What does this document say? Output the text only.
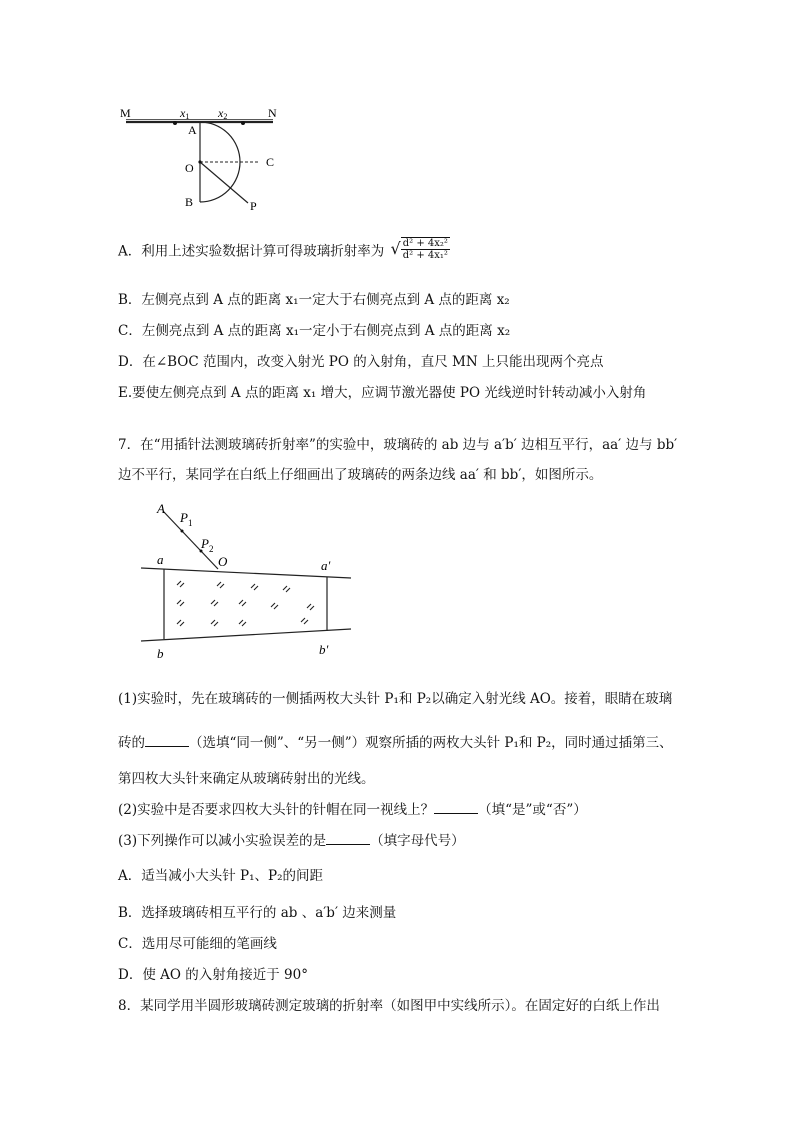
M	N
x1 x2
A
O	C
B	P
A．利用上述实验数据计算可得玻璃折射率为 √ $\frac{\text{d² + 4x₂²}}{\text{d² + 4x₁²}}$
B．左侧亮点到 A 点的距离 x₁一定大于右侧亮点到 A 点的距离 x₂
C．左侧亮点到 A 点的距离 x₁一定小于右侧亮点到 A 点的距离 x₂
D．在∠BOC 范围内，改变入射光 PO 的入射角，直尺 MN 上只能出现两个亮点
E.要使左侧亮点到 A 点的距离 x₁ 增大，应调节激光器使 PO 光线逆时针转动减小入射角
7．在“用插针法测玻璃砖折射率”的实验中，玻璃砖的 ab 边与 a′b′ 边相互平行，aa′ 边与 bb′
边不平行，某同学在白纸上仔细画出了玻璃砖的两条边线 aa′ 和 bb′，如图所示。
A
$P_1$
$P_2$
O
a	a′
b	b′
(1)实验时，先在玻璃砖的一侧插两枚大头针 P₁和 P₂以确定入射光线 AO。接着，眼睛在玻璃
砖的	（选填“同一侧”、“另一侧”）观察所插的两枚大头针 P₁和 P₂，同时通过插第三、
第四枚大头针来确定从玻璃砖射出的光线。
(2)实验中是否要求四枚大头针的针帽在同一视线上？	（填“是”或“否”）
(3)下列操作可以减小实验误差的是	（填字母代号）
A．适当减小大头针 P₁、P₂的间距
B．选择玻璃砖相互平行的 ab 、a′b′ 边来测量
C．选用尽可能细的笔画线
D．使 AO 的入射角接近于 90°
8．某同学用半圆形玻璃砖测定玻璃的折射率（如图甲中实线所示）。在固定好的白纸上作出
